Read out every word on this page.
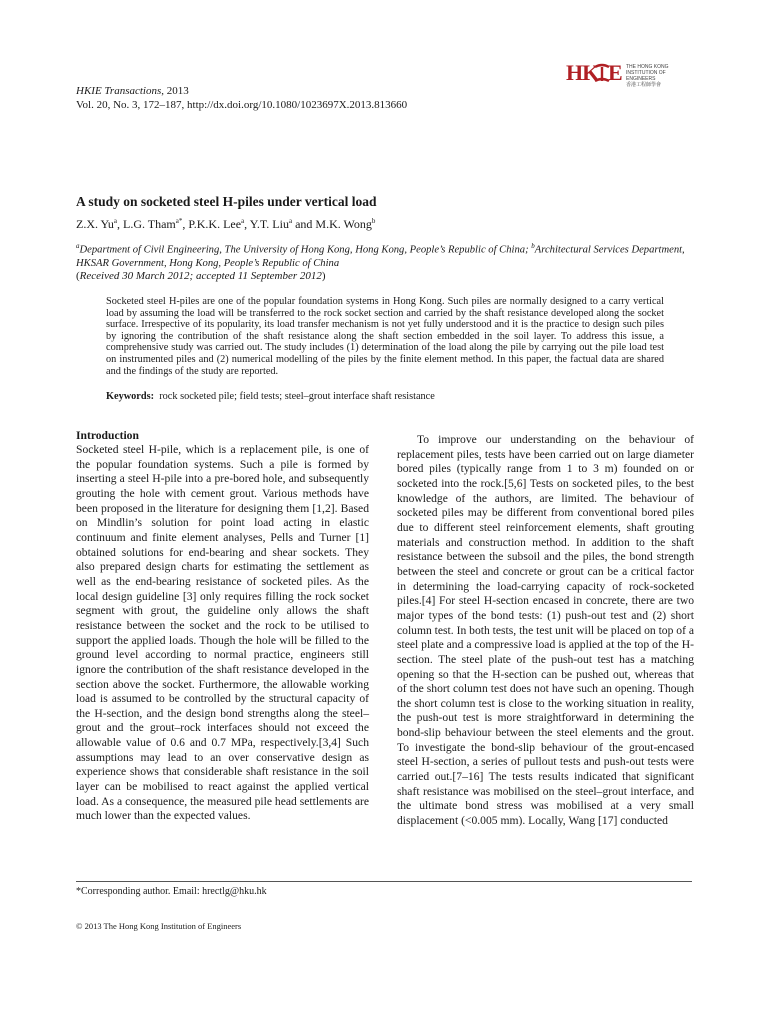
HKIE Transactions, 2013
Vol. 20, No. 3, 172–187, http://dx.doi.org/10.1080/1023697X.2013.813660
HK E THE HONG KONG INSTITUTION OF ENGINEERS
香港工程師學會
A study on socketed steel H-piles under vertical load
Z.X. Yu$^a$, L.G. Tham$^{a*}$, P.K.K. Lee$^a$, Y.T. Liu$^a$ and M.K. Wong$^b$
$^a$Department of Civil Engineering, The University of Hong Kong, Hong Kong, People’s Republic of China; $^b$Architectural Services Department, HKSAR Government, Hong Kong, People’s Republic of China
(Received 30 March 2012; accepted 11 September 2012)
Socketed steel H-piles are one of the popular foundation systems in Hong Kong. Such piles are normally designed to a carry vertical load by assuming the load will be transferred to the rock socket section and carried by the shaft resistance developed along the socket surface. Irrespective of its popularity, its load transfer mechanism is not yet fully understood and it is the practice to design such piles by ignoring the contribution of the shaft resistance along the shaft section embedded in the soil layer. To address this issue, a comprehensive study was carried out. The study includes (1) determination of the load along the pile by carrying out the pile load test on instrumented piles and (2) numerical modelling of the piles by the finite element method. In this paper, the factual data are shared and the findings of the study are reported.
Keywords: rock socketed pile; field tests; steel–grout interface shaft resistance
Introduction
Socketed steel H-pile, which is a replacement pile, is one of the popular foundation systems. Such a pile is formed by inserting a steel H-pile into a pre-bored hole, and subsequently grouting the hole with cement grout. Various methods have been proposed in the literature for designing them [1,2]. Based on Mindlin’s solution for point load acting in elastic continuum and finite element analyses, Pells and Turner [1] obtained solutions for end-bearing and shear sockets. They also prepared design charts for estimating the settlement as well as the end-bearing resistance of socketed piles. As the local design guideline [3] only requires filling the rock socket segment with grout, the guideline only allows the shaft resistance between the socket and the rock to be utilised to support the applied loads. Though the hole will be filled to the ground level according to normal practice, engineers still ignore the contribution of the shaft resistance developed in the section above the socket. Furthermore, the allowable working load is assumed to be controlled by the structural capacity of the H-section, and the design bond strengths along the steel–grout and the grout–rock interfaces should not exceed the allowable value of 0.6 and 0.7 MPa, respectively.[3,4] Such assumptions may lead to an over conservative design as experience shows that considerable shaft resistance in the soil layer can be mobilised to react against the applied vertical load. As a consequence, the measured pile head settlements are much lower than the expected values.
To improve our understanding on the behaviour of replacement piles, tests have been carried out on large diameter bored piles (typically range from 1 to 3 m) founded on or socketed into the rock.[5,6] Tests on socketed piles, to the best knowledge of the authors, are limited. The behaviour of socketed piles may be different from conventional bored piles due to different steel reinforcement elements, shaft grouting materials and construction method. In addition to the shaft resistance between the subsoil and the piles, the bond strength between the steel and concrete or grout can be a critical factor in determining the load-carrying capacity of rock-socketed piles.[4] For steel H-section encased in concrete, there are two major types of the bond tests: (1) push-out test and (2) short column test. In both tests, the test unit will be placed on top of a steel plate and a compressive load is applied at the top of the H-section. The steel plate of the push-out test has a matching opening so that the H-section can be pushed out, whereas that of the short column test does not have such an opening. Though the short column test is close to the working situation in reality, the push-out test is more straightforward in determining the bond-slip behaviour between the steel elements and the grout. To investigate the bond-slip behaviour of the grout-encased steel H-section, a series of pullout tests and push-out tests were carried out.[7–16] The tests results indicated that significant shaft resistance was mobilised on the steel–grout interface, and the ultimate bond stress was mobilised at a very small displacement (<0.005 mm). Locally, Wang [17] conducted
*Corresponding author. Email: hrectlg@hku.hk
© 2013 The Hong Kong Institution of Engineers
